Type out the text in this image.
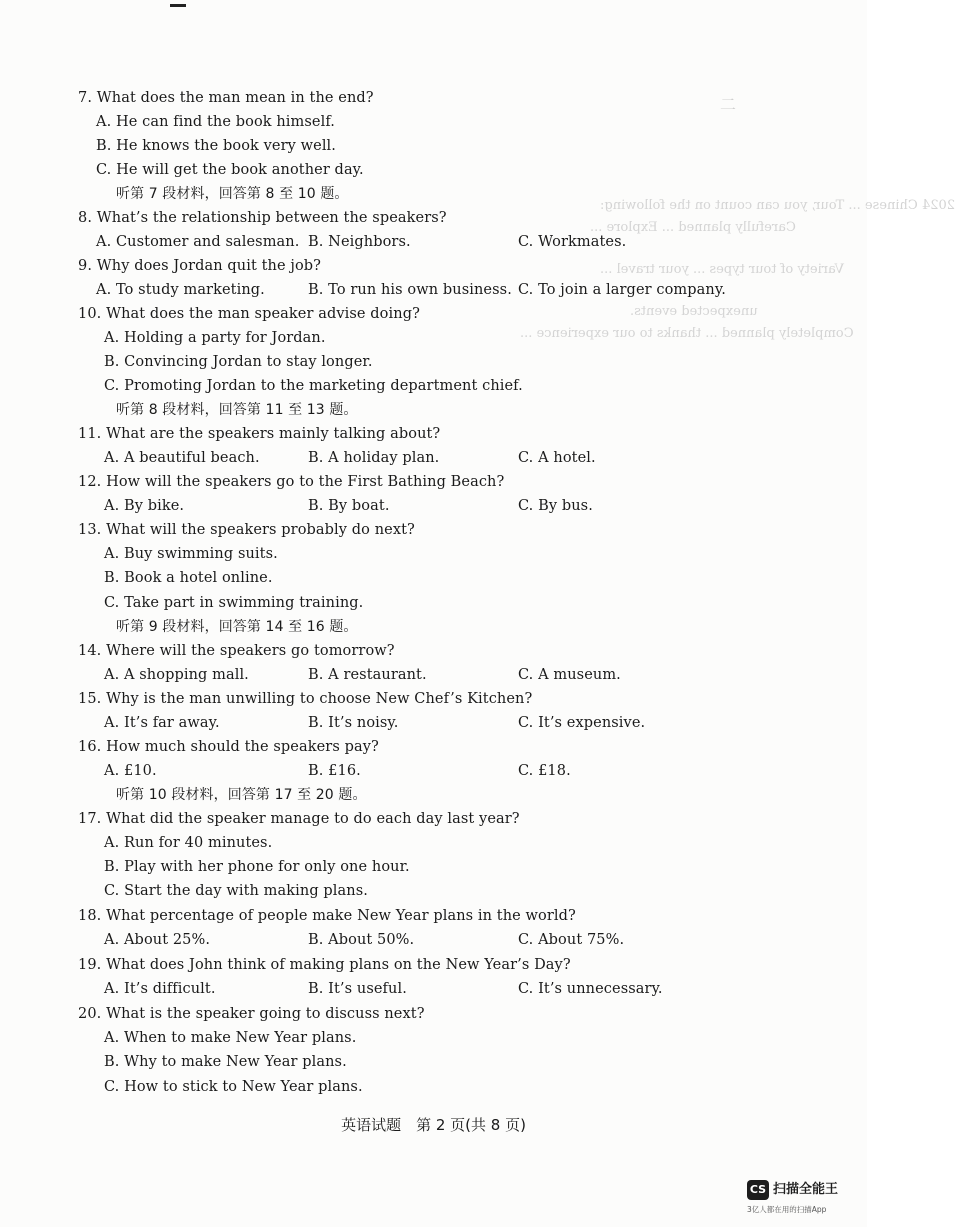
二
2024 Chinese ... Tour, you can count on the following:
Carefully planned ... Explore ...
Variety of tour types ... your travel ...
unexpected events.
Completely planned ... thanks to our experience ...
7. What does the man mean in the end?
A. He can find the book himself.
B. He knows the book very well.
C. He will get the book another day.
听第 7 段材料，回答第 8 至 10 题。
8. What’s the relationship between the speakers?
A. Customer and salesman. B. Neighbors.	C. Workmates.
9. Why does Jordan quit the job?
A. To study marketing.	B. To run his own business. C. To join a larger company.
10. What does the man speaker advise doing?
A. Holding a party for Jordan.
B. Convincing Jordan to stay longer.
C. Promoting Jordan to the marketing department chief.
听第 8 段材料，回答第 11 至 13 题。
11. What are the speakers mainly talking about?
A. A beautiful beach.	B. A holiday plan.	C. A hotel.
12. How will the speakers go to the First Bathing Beach?
A. By bike.	B. By boat.	C. By bus.
13. What will the speakers probably do next?
A. Buy swimming suits.
B. Book a hotel online.
C. Take part in swimming training.
听第 9 段材料，回答第 14 至 16 题。
14. Where will the speakers go tomorrow?
A. A shopping mall.	B. A restaurant.	C. A museum.
15. Why is the man unwilling to choose New Chef’s Kitchen?
A. It’s far away.	B. It’s noisy.	C. It’s expensive.
16. How much should the speakers pay?
A. £10.	B. £16.	C. £18.
听第 10 段材料，回答第 17 至 20 题。
17. What did the speaker manage to do each day last year?
A. Run for 40 minutes.
B. Play with her phone for only one hour.
C. Start the day with making plans.
18. What percentage of people make New Year plans in the world?
A. About 25%.	B. About 50%.	C. About 75%.
19. What does John think of making plans on the New Year’s Day?
A. It’s difficult.	B. It’s useful.	C. It’s unnecessary.
20. What is the speaker going to discuss next?
A. When to make New Year plans.
B. Why to make New Year plans.
C. How to stick to New Year plans.
英语试题　第 2 页(共 8 页)
CS 扫描全能王
3亿人都在用的扫描App
